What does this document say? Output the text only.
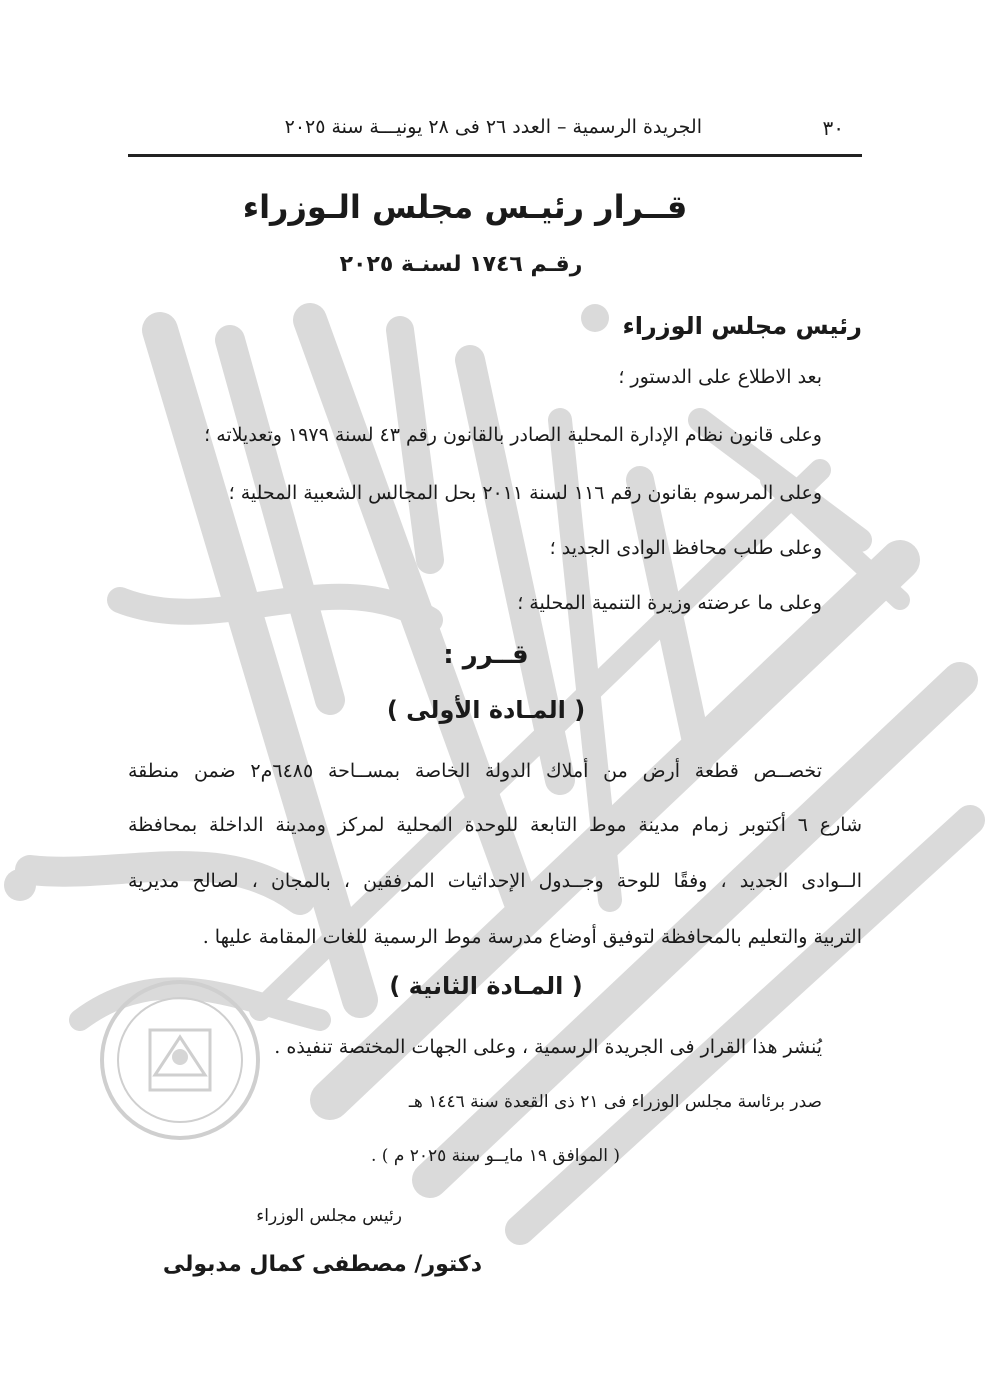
٣٠
الجريدة الرسمية – العدد ٢٦ فى ٢٨ يونيـــة سنة ٢٠٢٥
قــرار رئيـس مجلس الـوزراء
رقـم ١٧٤٦ لسنـة ٢٠٢٥
رئيس مجلس الوزراء
بعد الاطلاع على الدستور ؛
وعلى قانون نظام الإدارة المحلية الصادر بالقانون رقم ٤٣ لسنة ١٩٧٩ وتعديلاته ؛
وعلى المرسوم بقانون رقم ١١٦ لسنة ٢٠١١ بحل المجالس الشعبية المحلية ؛
وعلى طلب محافظ الوادى الجديد ؛
وعلى ما عرضته وزيرة التنمية المحلية ؛
قــرر :
( المـادة الأولى )
تخصــص قطعة أرض من أملاك الدولة الخاصة بمســاحة ٦٤٨٥م٢ ضمن منطقة
شارع ٦ أكتوبر زمام مدينة موط التابعة للوحدة المحلية لمركز ومدينة الداخلة بمحافظة
الــوادى الجديد ، وفقًا للوحة وجــدول الإحداثيات المرفقين ، بالمجان ، لصالح مديرية
التربية والتعليم بالمحافظة لتوفيق أوضاع مدرسة موط الرسمية للغات المقامة عليها .
( المـادة الثانية )
يُنشر هذا القرار فى الجريدة الرسمية ، وعلى الجهات المختصة تنفيذه .
صدر برئاسة مجلس الوزراء فى ٢١ ذى القعدة سنة ١٤٤٦ هـ
( الموافق ١٩ مايــو سنة ٢٠٢٥ م ) .
رئيس مجلس الوزراء
دكتور/ مصطفى كمال مدبولى
